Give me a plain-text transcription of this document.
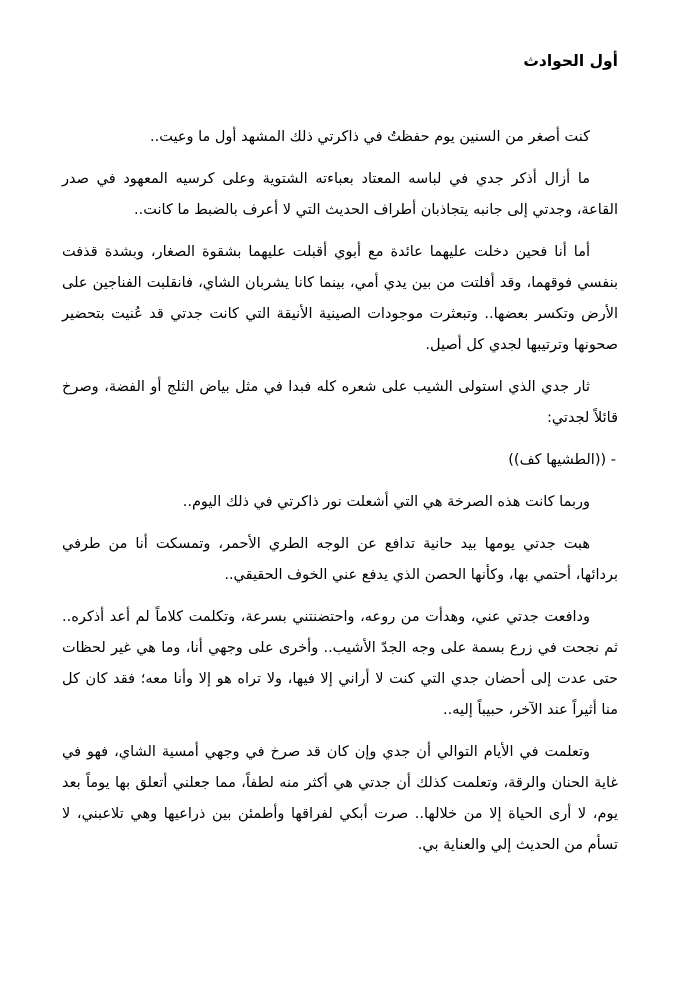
أول الحوادث

كنت أصغر من السنين يوم حفظتُ في ذاكرتي ذلك المشهد أول ما وعيت..

ما أزال أذكر جدي في لباسه المعتاد بعباءته الشتوية وعلى كرسيه المعهود في صدر القاعة، وجدتي إلى جانبه يتجاذبان أطراف الحديث التي لا أعرف بالضبط ما كانت..

أما أنا فحين دخلت عليهما عائدة مع أبوي أقبلت عليهما بشقوة الصغار، وبشدة قذفت بنفسي فوقهما، وقد أفلتت من بين يدي أمي، بينما كانا يشربان الشاي، فانقلبت الفناجين على الأرض وتكسر بعضها.. وتبعثرت موجودات الصينية الأنيقة التي كانت جدتي قد عُنيت بتحضير صحونها وترتيبها لجدي كل أصيل.

ثار جدي الذي استولى الشيب على شعره كله فبدا في مثل بياض الثلج أو الفضة، وصرخ قائلاً لجدتي:

- ((الطشيها كف))

وربما كانت هذه الصرخة هي التي أشعلت نور ذاكرتي في ذلك اليوم..

هبت جدتي يومها بيد حانية تدافع عن الوجه الطري الأحمر، وتمسكت أنا من طرفي بردائها، أحتمي بها، وكأنها الحصن الذي يدفع عني الخوف الحقيقي..

ودافعت جدتي عني، وهدأت من روعه، واحتضنتني بسرعة، وتكلمت كلاماً لم أعد أذكره.. ثم نجحت في زرع بسمة على وجه الجدّ الأشيب.. وأخرى على وجهي أنا، وما هي غير لحظات حتى عدت إلى أحضان جدي التي كنت لا أراني إلا فيها، ولا تراه هو إلا وأنا معه؛ فقد كان كل منا أثيراً عند الآخر، حبيباً إليه..

وتعلمت في الأيام التوالي أن جدي وإن كان قد صرخ في وجهي أمسية الشاي، فهو في غاية الحنان والرقة، وتعلمت كذلك أن جدتي هي أكثر منه لطفاً، مما جعلني أتعلق بها يوماً بعد يوم، لا أرى الحياة إلا من خلالها.. صرت أبكي لفراقها وأطمئن بين ذراعيها وهي تلاعبني، لا تسأم من الحديث إلي والعناية بي.
